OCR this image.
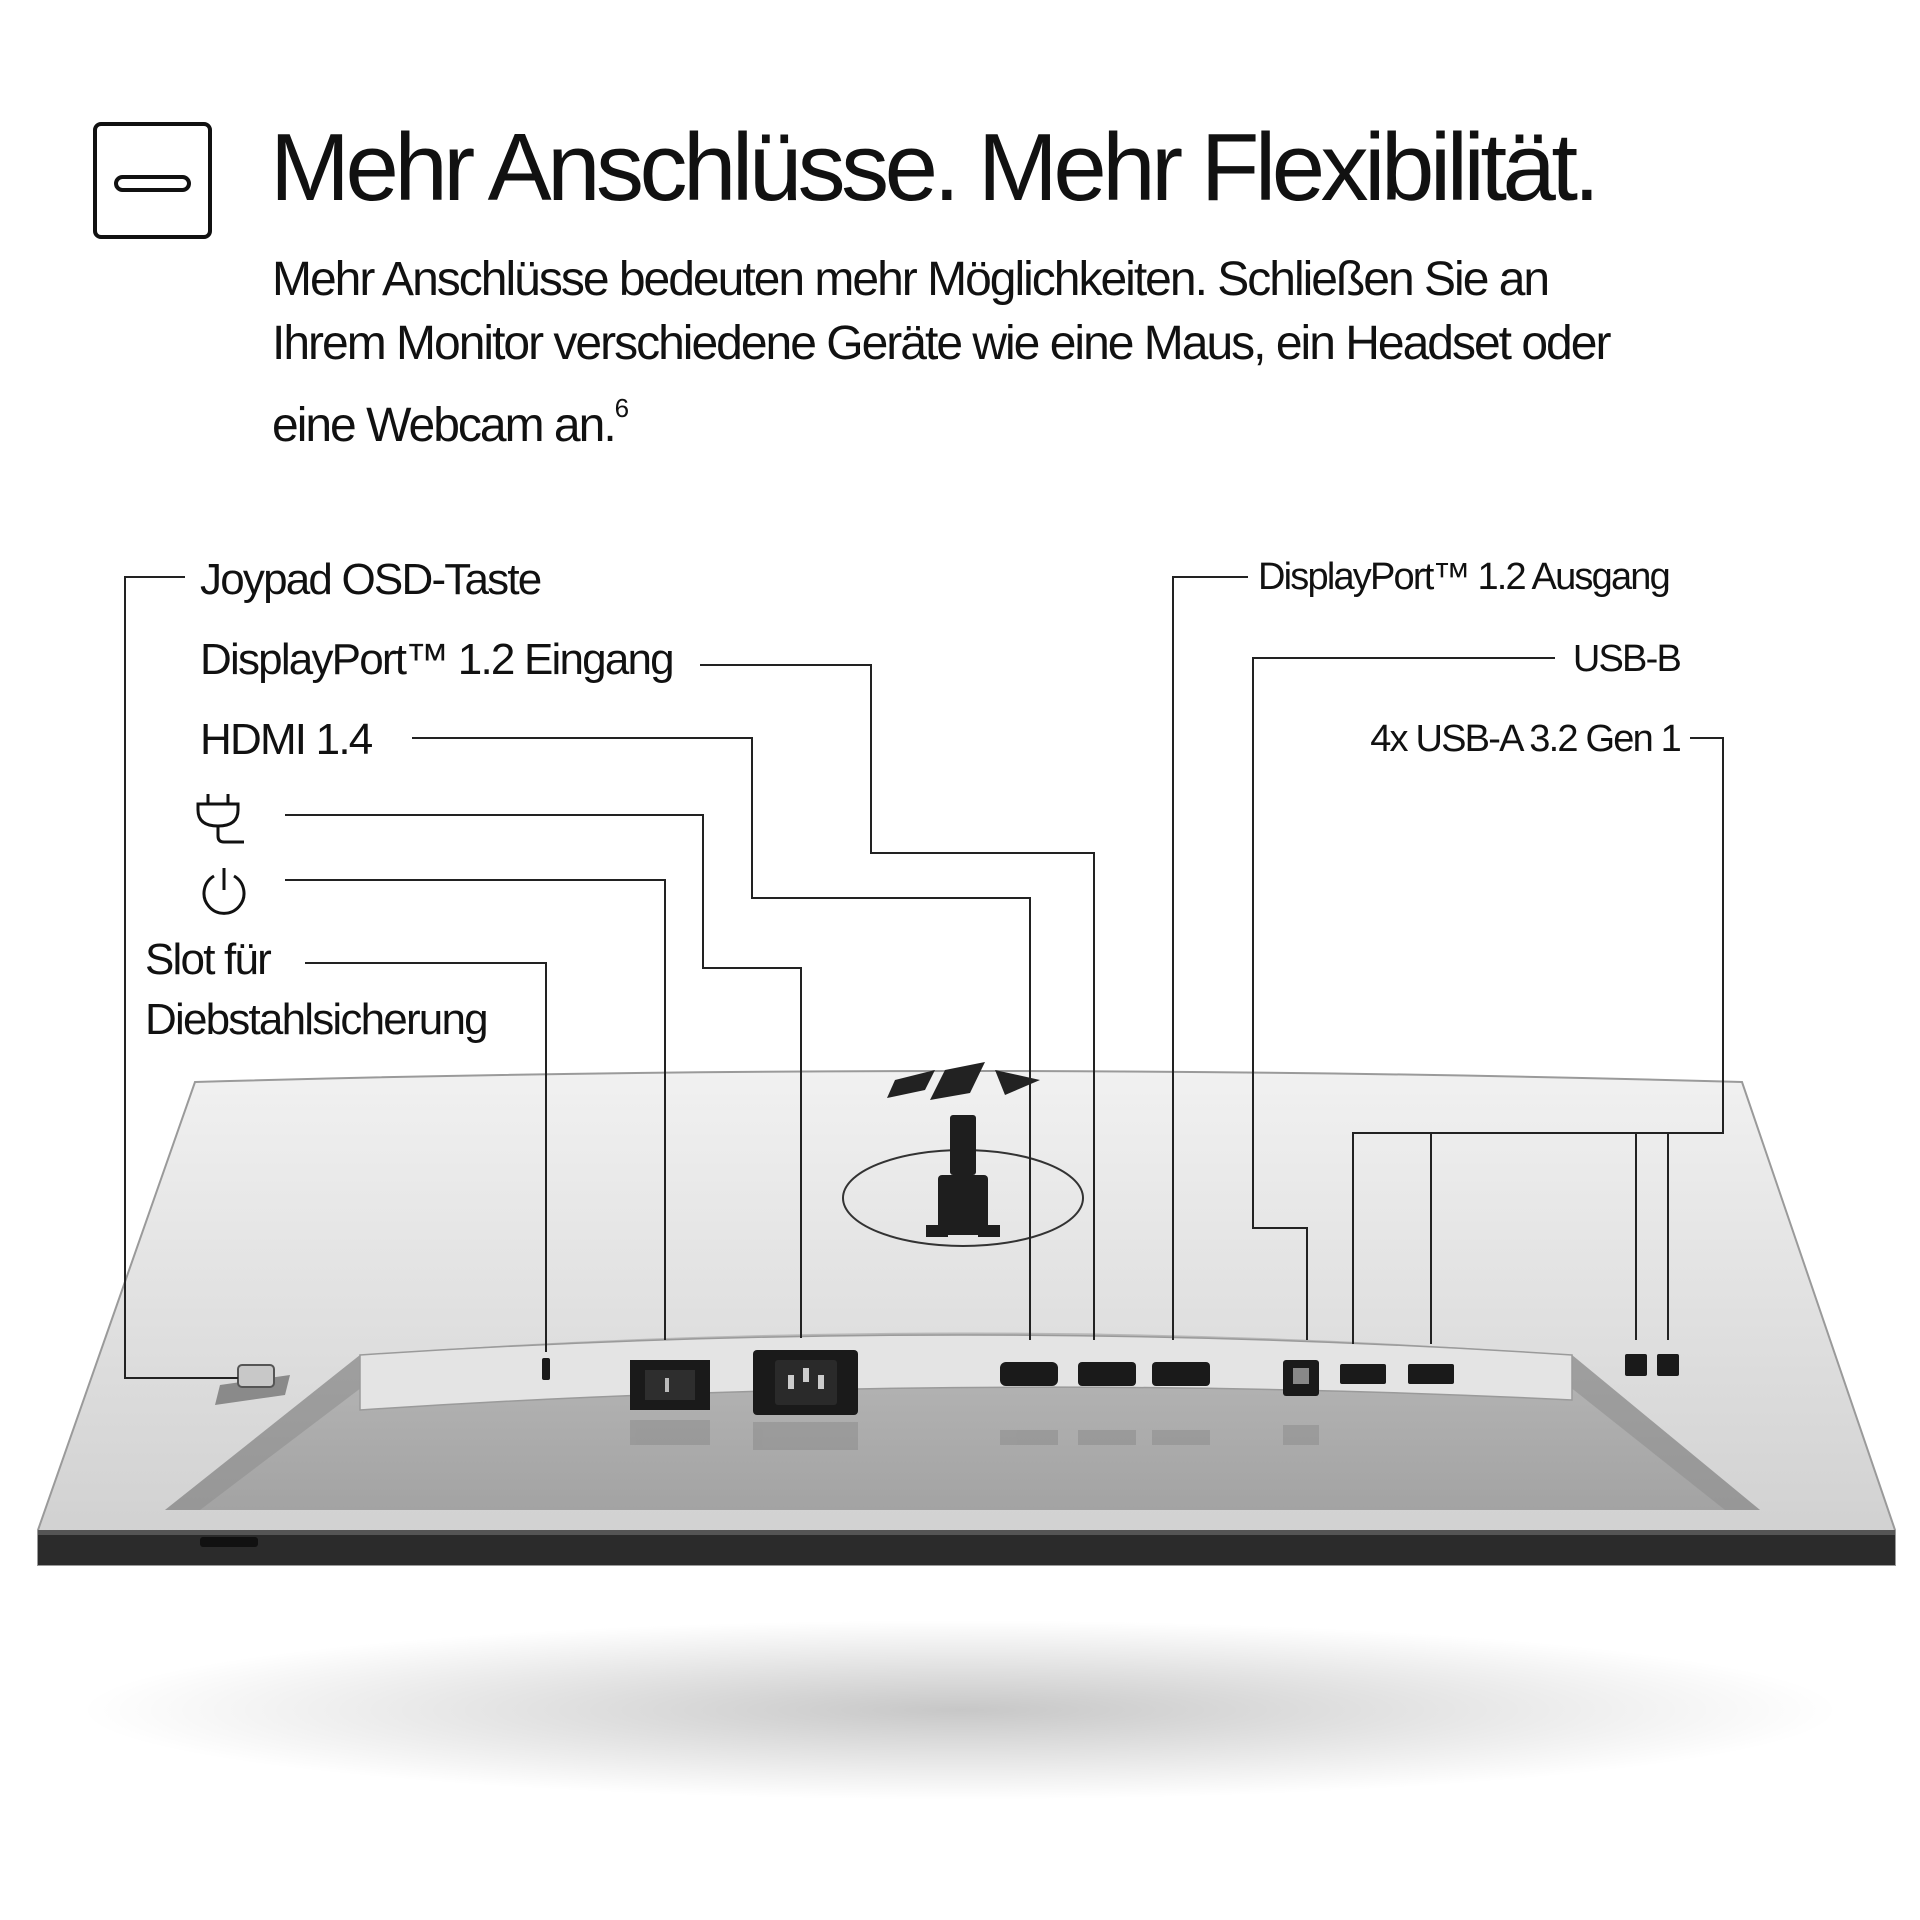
Mehr Anschlüsse. Mehr Flexibilität.
Mehr Anschlüsse bedeuten mehr Möglichkeiten. Schließen Sie an
Ihrem Monitor verschiedene Geräte wie eine Maus, ein Headset oder
eine Webcam an.$^6$
Joypad OSD-Taste
DisplayPort™ 1.2 Eingang
HDMI 1.4
Slot für
Diebstahlsicherung
DisplayPort™ 1.2 Ausgang
USB-B
4x USB-A 3.2 Gen 1
